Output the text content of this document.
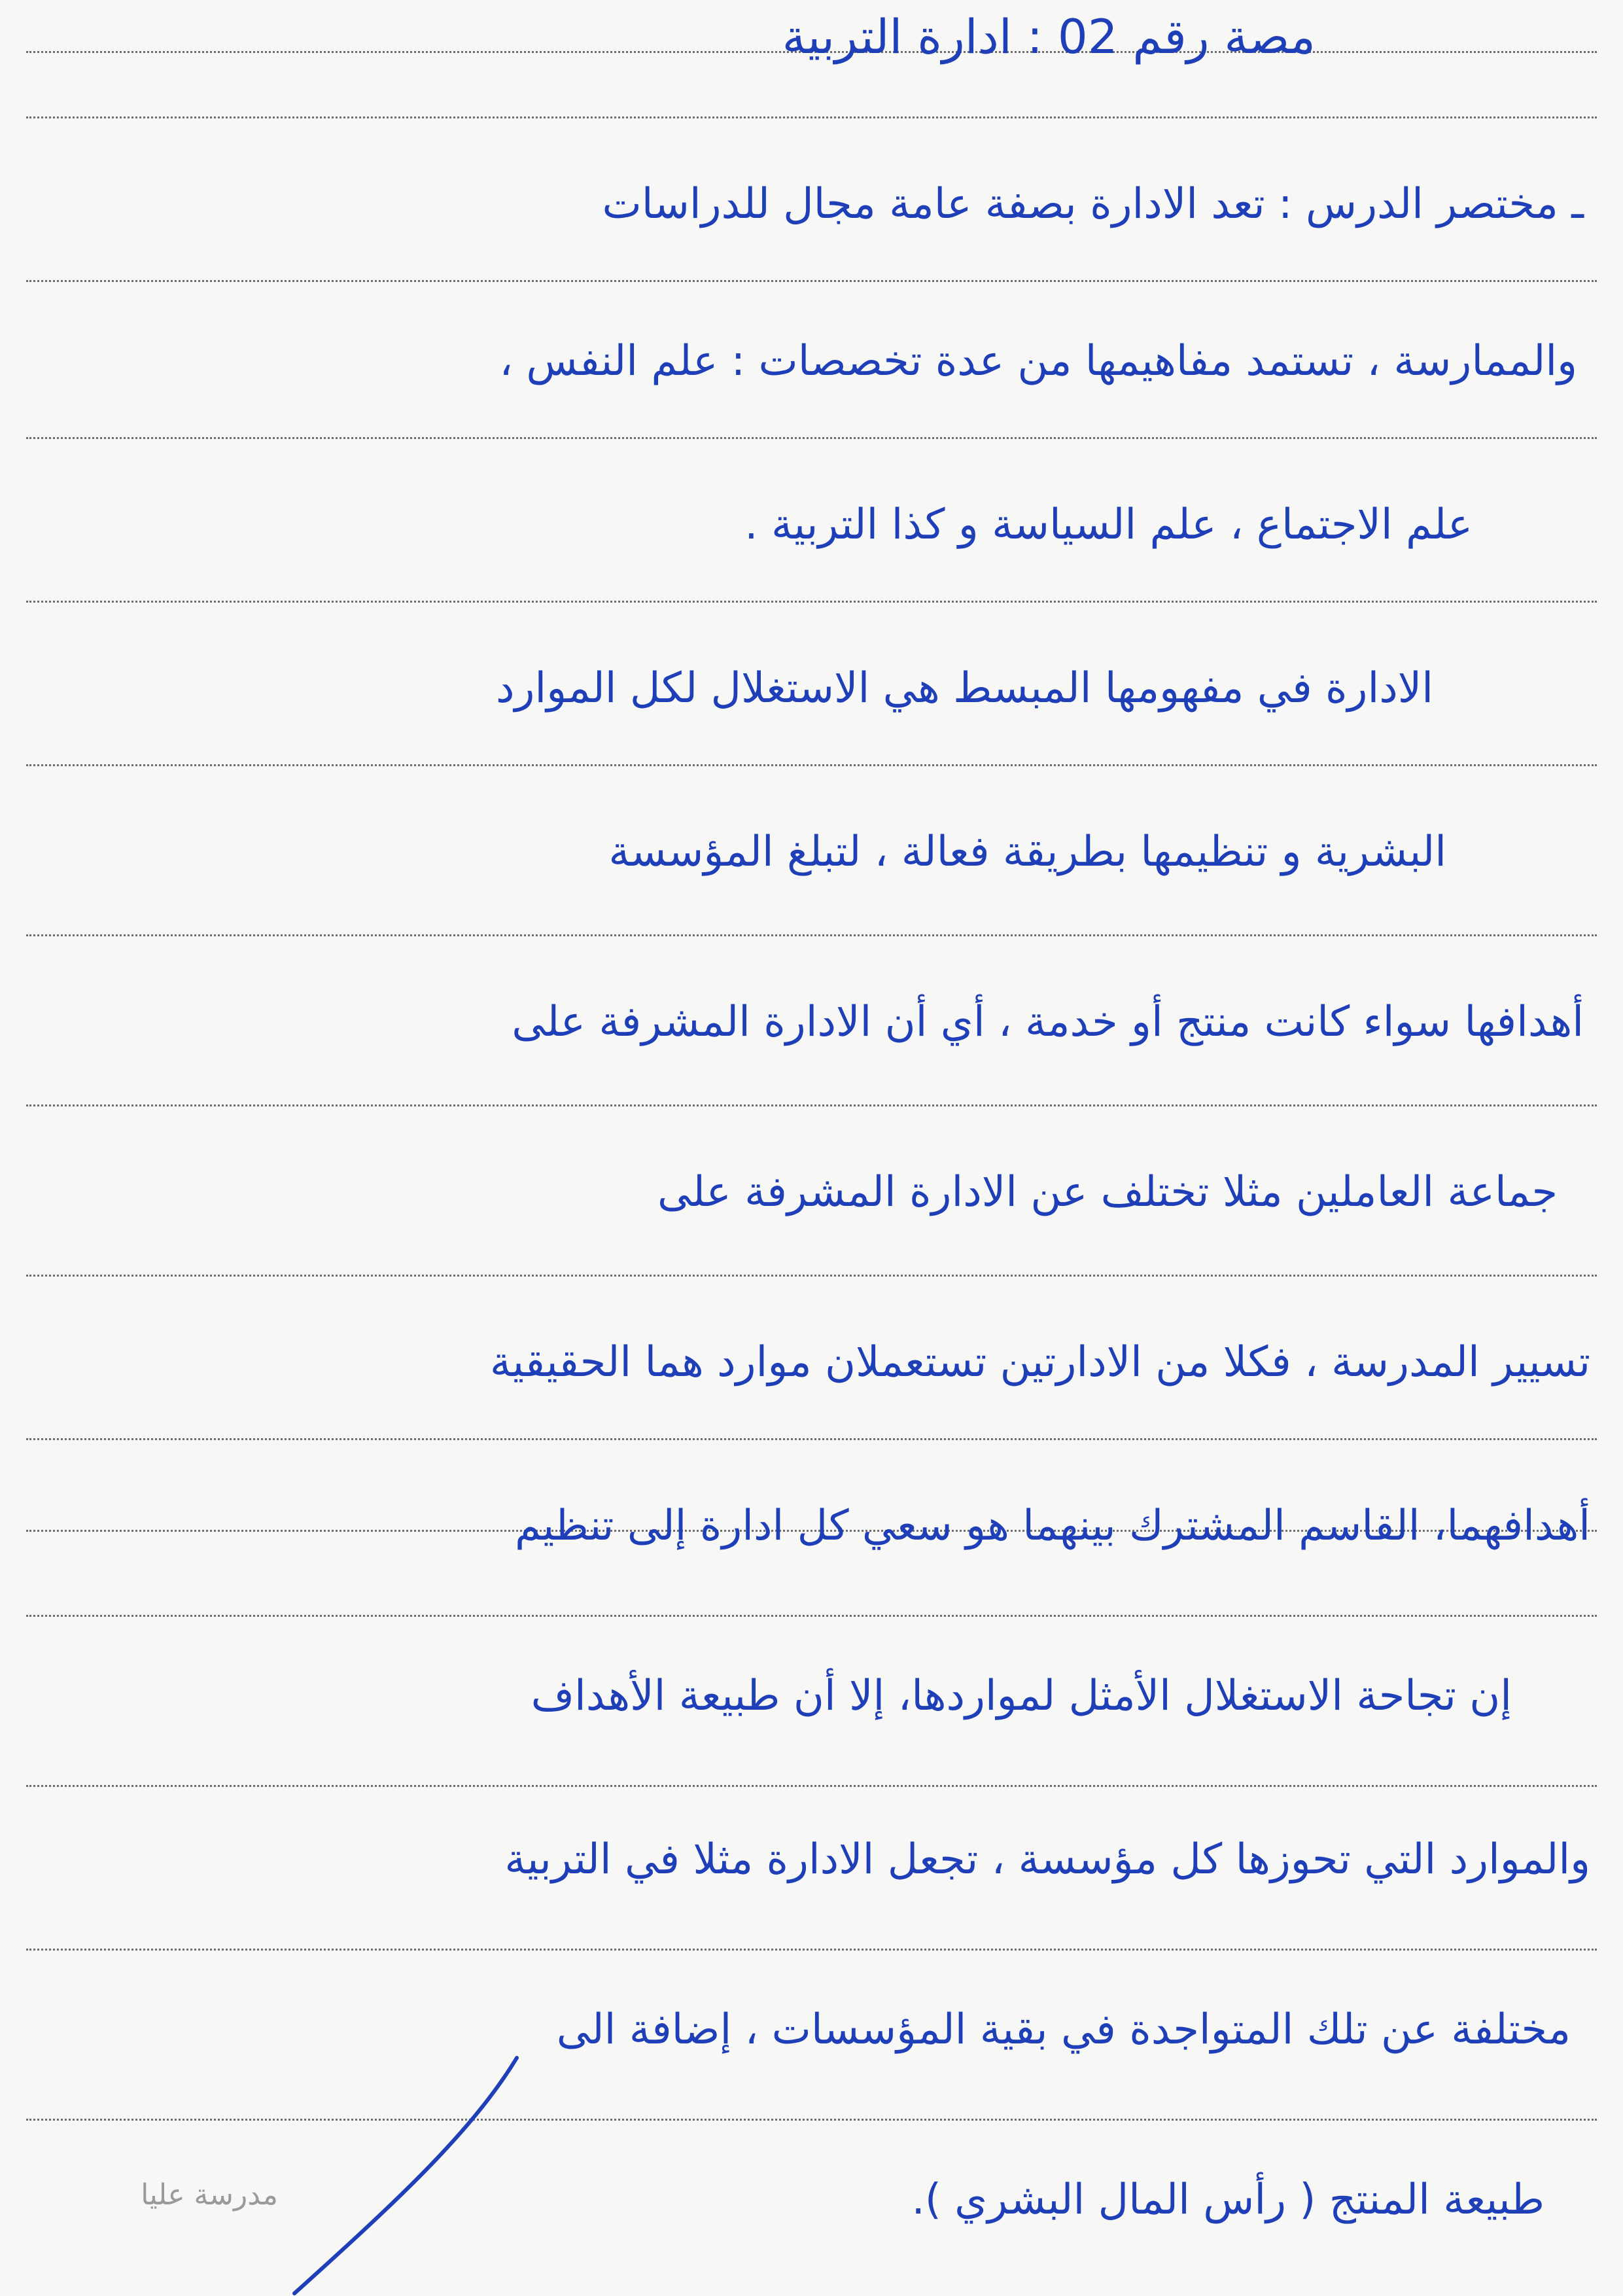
مصة رقم 02 : ادارة التربية
ـ مختصر الدرس : تعد الادارة بصفة عامة مجال للدراسات
والممارسة ، تستمد مفاهيمها من عدة تخصصات : علم النفس ،
علم الاجتماع ، علم السياسة و كذا التربية .
الادارة في مفهومها المبسط هي الاستغلال لكل الموارد
البشرية و تنظيمها بطريقة فعالة ، لتبلغ المؤسسة
أهدافها سواء كانت منتج أو خدمة ، أي أن الادارة المشرفة على
جماعة العاملين مثلا تختلف عن الادارة المشرفة على
تسيير المدرسة ، فكلا من الادارتين تستعملان موارد هما الحقيقية
أهدافهما، القاسم المشترك بينهما هو سعي كل ادارة إلى تنظيم
إن تجاحة الاستغلال الأمثل لمواردها، إلا أن طبيعة الأهداف
والموارد التي تحوزها كل مؤسسة ، تجعل الادارة مثلا في التربية
مختلفة عن تلك المتواجدة في بقية المؤسسات ، إضافة الى
طبيعة المنتج ( رأس المال البشري ).
مدرسة عليا
